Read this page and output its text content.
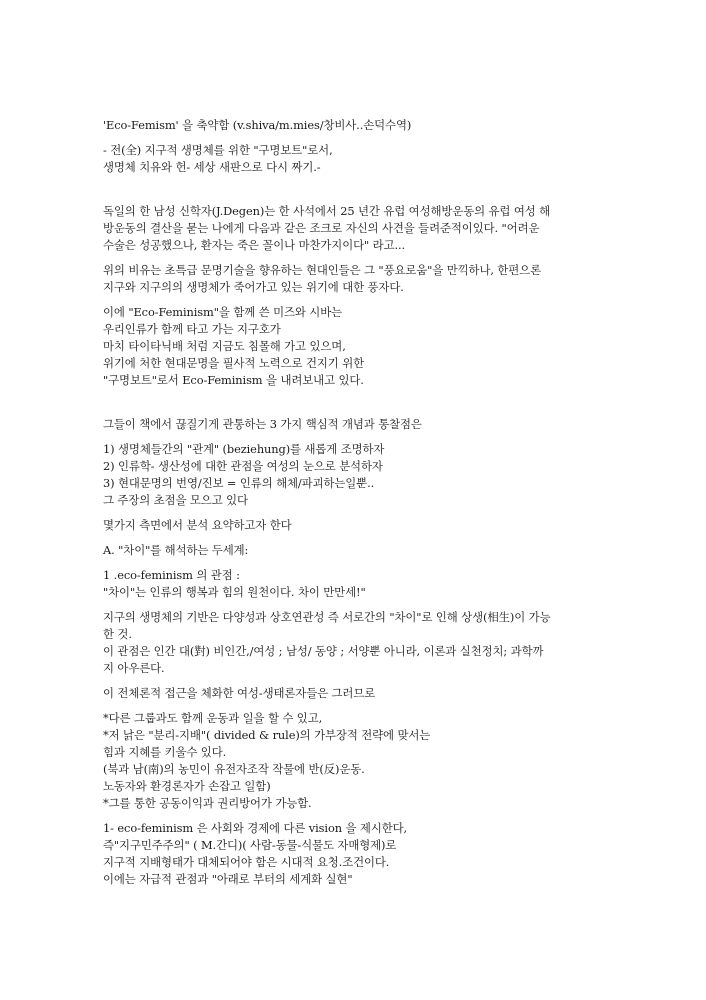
'Eco-Femism' 을 축약함 (v.shiva/m.mies/창비사..손덕수역)
- 전(全) 지구적 생명체를 위한 "구명보트"로서,
생명체 치유와 헌- 세상 새판으로 다시 짜기.-
독일의 한 남성 신학자(J.Degen)는 한 사석에서 25 년간 유럽 여성해방운동의 유럽 여성 해
방운동의 결산을 묻는 나에게 다음과 같은 조크로 자신의 사견을 들려준적이있다. "어려운
수술은 성공했으나, 환자는 죽은 꼴이나 마찬가지이다" 라고...
위의 비유는 초특급 문명기술을 향유하는 현대인들은 그 "풍요로움"을 만끽하나, 한편으론
지구와 지구의의 생명체가 죽어가고 있는 위기에 대한 풍자다.
이에 "Eco-Feminism"을 함께 쓴 미즈와 시바는
우리인류가 함께 타고 가는 지구호가
마치 타이타닉배 처럼 지금도 침몰해 가고 있으며,
위기에 처한 현대문명을 필사적 노력으로 건지기 위한
"구명보트"로서 Eco-Feminism 을 내려보내고 있다.
그들이 책에서 끊질기게 관통하는 3 가지 핵심적 개념과 통찰점은
1) 생명체들간의 "관계" (beziehung)를 새롭게 조명하자
2) 인류학- 생산성에 대한 관점을 여성의 눈으로 분석하자
3) 현대문명의 번영/진보 = 인류의 해체/파괴하는일뿐..
그 주장의 초점을 모으고 있다
몇가지 측면에서 분석 요약하고자 한다
A. "차이"를 해석하는 두세계:
1 .eco-feminism 의 관점 :
"차이"는 인류의 행복과 힘의 원천이다. 차이 만만세!"
지구의 생명체의 기반은 다양성과 상호연관성 즉 서로간의 "차이"로 인해 상생(相生)이 가능
한 것.
이 관점은 인간 대(對) 비인간,/여성 ; 남성/ 동양 ; 서양뿐 아니라, 이론과 실천정치; 과학까
지 아우른다.
이 전체론적 접근을 체화한 여성-생태론자들은 그러므로
*다른 그룹과도 함께 운동과 일을 할 수 있고,
*저 낡은 "분리-지배"( divided & rule)의 가부장적 전략에 맞서는
힘과 지혜를 키울수 있다.
(북과 남(南)의 농민이 유전자조작 작물에 반(反)운동.
노동자와 환경론자가 손잡고 일함)
*그를 통한 공동이익과 권리방어가 가능함.
1- eco-feminism 은 사회와 경제에 다른 vision 을 제시한다,
즉"지구민주주의" ( M.간디)( 사람-동물-식물도 자매형제)로
지구적 지배형태가 대체되어야 함은 시대적 요청.조건이다.
이에는 자급적 관점과 "아래로 부터의 세계화 실현"
